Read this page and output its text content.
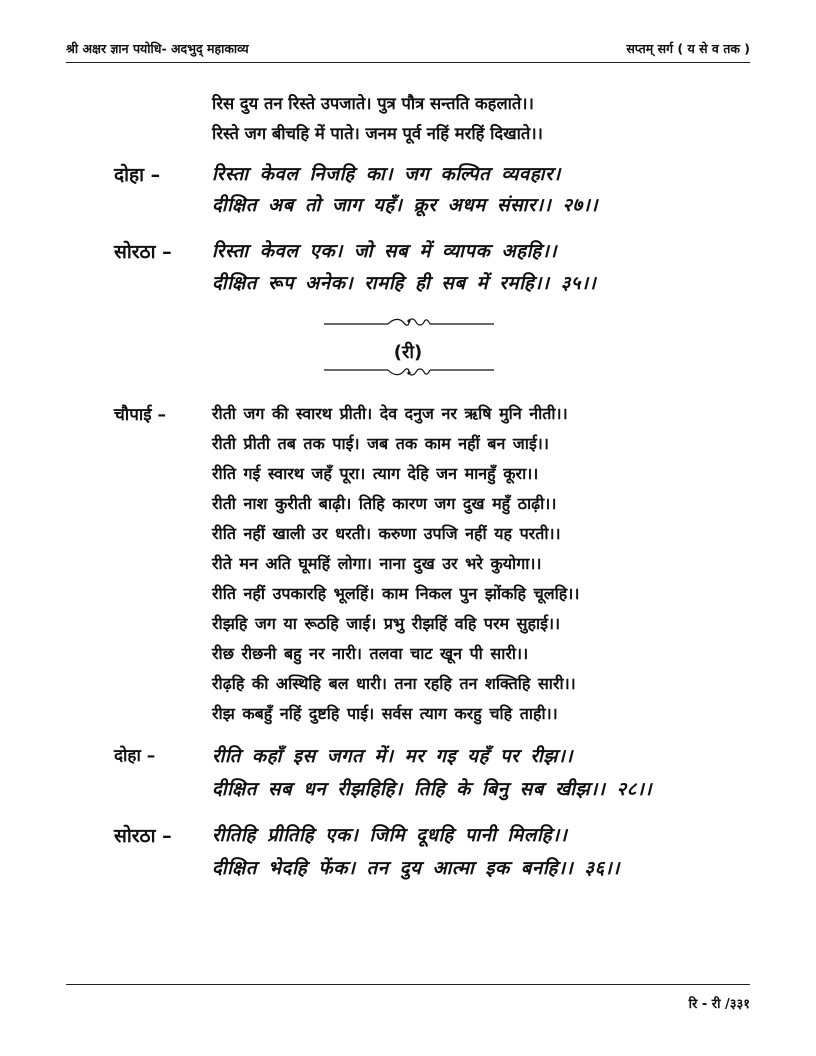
श्री अक्षर ज्ञान पयोधि- अदभुद् महाकाव्य	सप्तम् सर्ग ( य से व तक )
रिस दुय तन रिस्ते उपजाते। पुत्र पौत्र सन्तति कहलाते।।
रिस्ते जग बीचहि में पाते। जनम पूर्व नहिं मरहिं दिखाते।।
दोहा –	रिस्ता केवल निजहि का। जग कल्पित व्यवहार।
दीक्षित अब तो जाग यहँ। क्रूर अधम संसार।। २७।।
सोरठा – रिस्ता केवल एक। जो सब में व्यापक अहहि।।
दीक्षित रूप अनेक। रामहि ही सब में रमहि।। ३५।।
(री)
चौपाई –	रीती जग की स्वारथ प्रीती। देव दनुज नर ऋषि मुनि नीती।।
रीती प्रीती तब तक पाई। जब तक काम नहीं बन जाई।।
रीति गई स्वारथ जहँ पूरा। त्याग देहि जन मानहुँ कूरा।।
रीती नाश कुरीती बाढ़ी। तिहि कारण जग दुख महुँ ठाढ़ी।।
रीति नहीं खाली उर धरती। करुणा उपजि नहीं यह परती।।
रीते मन अति घूमहिं लोगा। नाना दुख उर भरे कुयोगा।।
रीति नहीं उपकारहि भूलहिं। काम निकल पुन झोंकहि चूलहि।।
रीझहि जग या रूठहि जाई। प्रभु रीझहिं वहि परम सुहाई।।
रीछ रीछनी बहु नर नारी। तलवा चाट खून पी सारी।।
रीढ़हि की अस्थिहि बल धारी। तना रहहि तन शक्तिहि सारी।।
रीझ कबहुँ नहिं दुष्टहि पाई। सर्वस त्याग करहु चहि ताही।।
दोहा –	रीति कहाँ इस जगत में। मर गइ यहँ पर रीझ।।
दीक्षित सब धन रीझहिहि। तिहि के बिनु सब खीझ।। २८।।
सोरठा – रीतिहि प्रीतिहि एक। जिमि दूधहि पानी मिलहि।।
दीक्षित भेदहि फेंक। तन दुय आत्मा इक बनहि।। ३६।।
रि - री /३३१
